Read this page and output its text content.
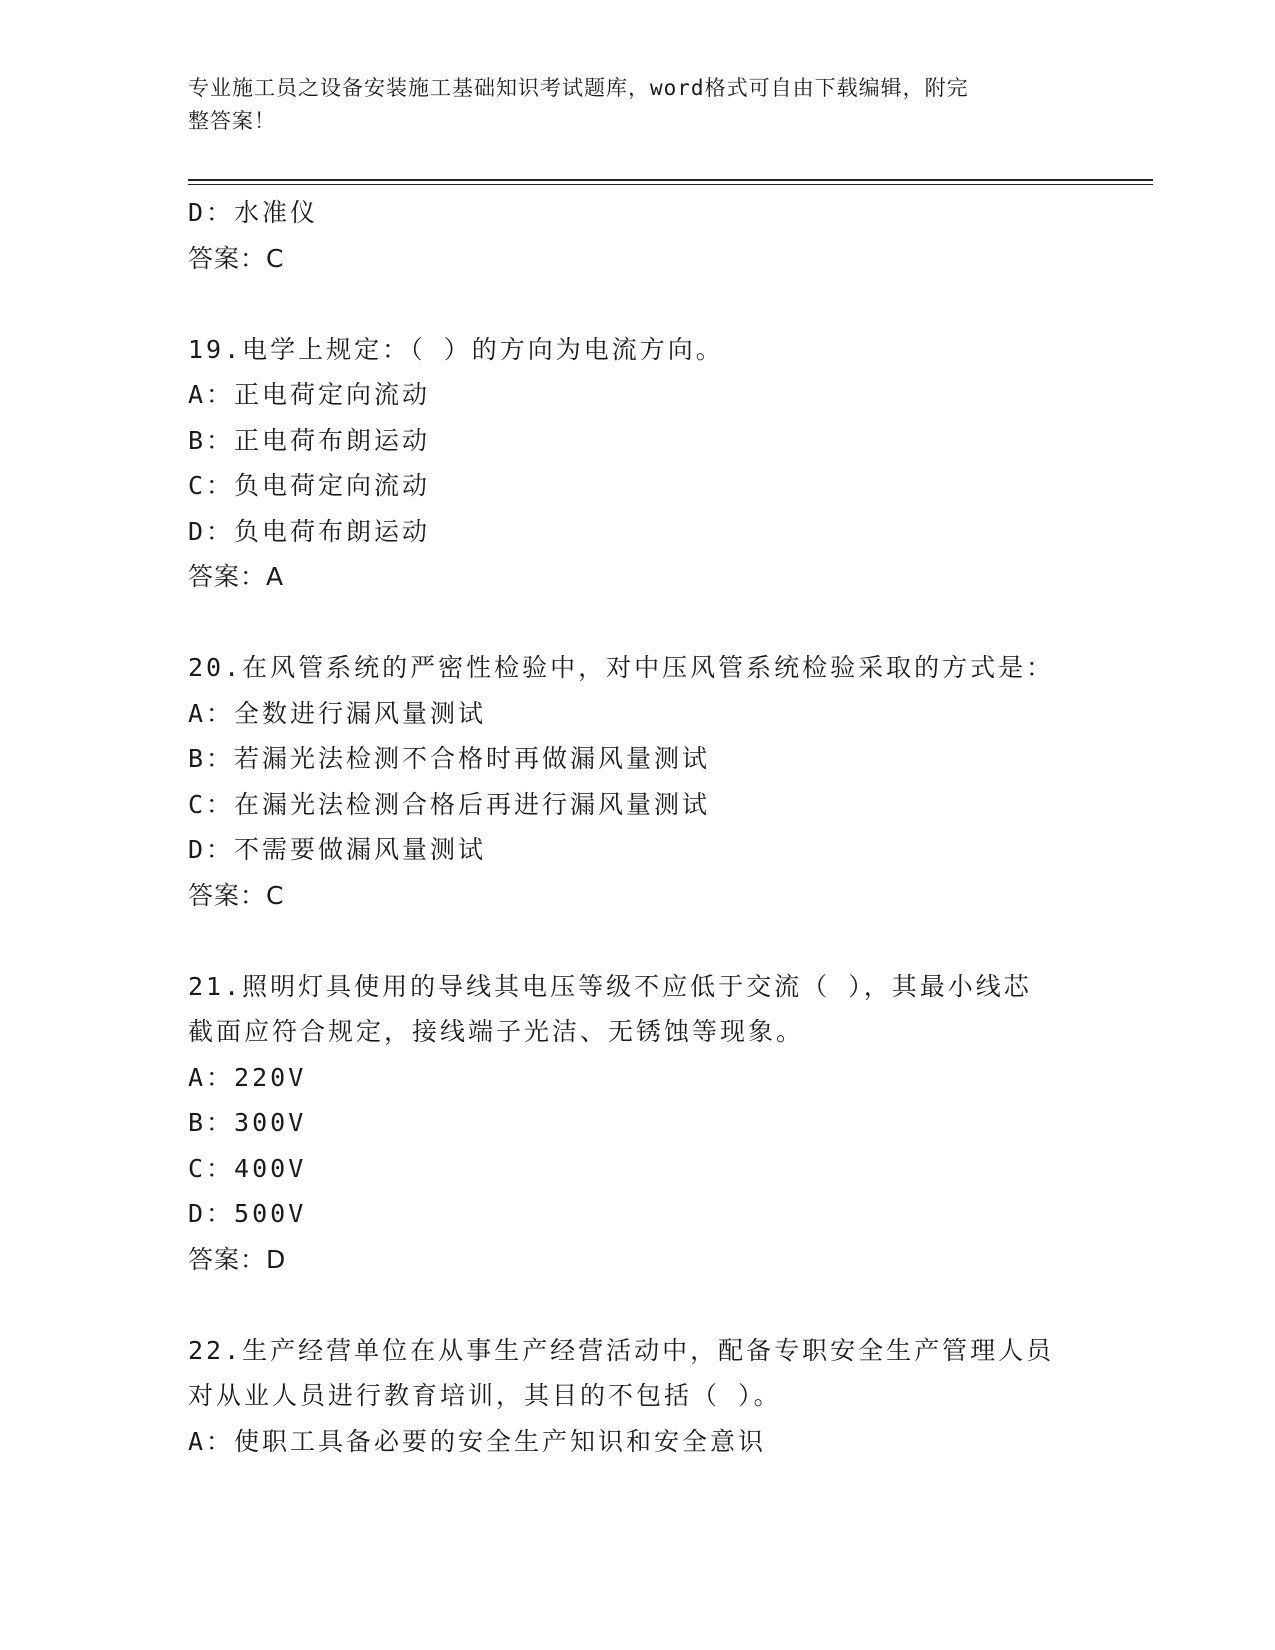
专业施工员之设备安装施工基础知识考试题库，word格式可自由下载编辑，附完
整答案！
D：水准仪
答案：C
19.电学上规定：（ ）的方向为电流方向。
A：正电荷定向流动
B：正电荷布朗运动
C：负电荷定向流动
D：负电荷布朗运动
答案：A
20.在风管系统的严密性检验中，对中压风管系统检验采取的方式是：
A：全数进行漏风量测试
B：若漏光法检测不合格时再做漏风量测试
C：在漏光法检测合格后再进行漏风量测试
D：不需要做漏风量测试
答案：C
21.照明灯具使用的导线其电压等级不应低于交流（ ），其最小线芯
截面应符合规定，接线端子光洁、无锈蚀等现象。
A：220V
B：300V
C：400V
D：500V
答案：D
22.生产经营单位在从事生产经营活动中，配备专职安全生产管理人员
对从业人员进行教育培训，其目的不包括（ ）。
A：使职工具备必要的安全生产知识和安全意识
